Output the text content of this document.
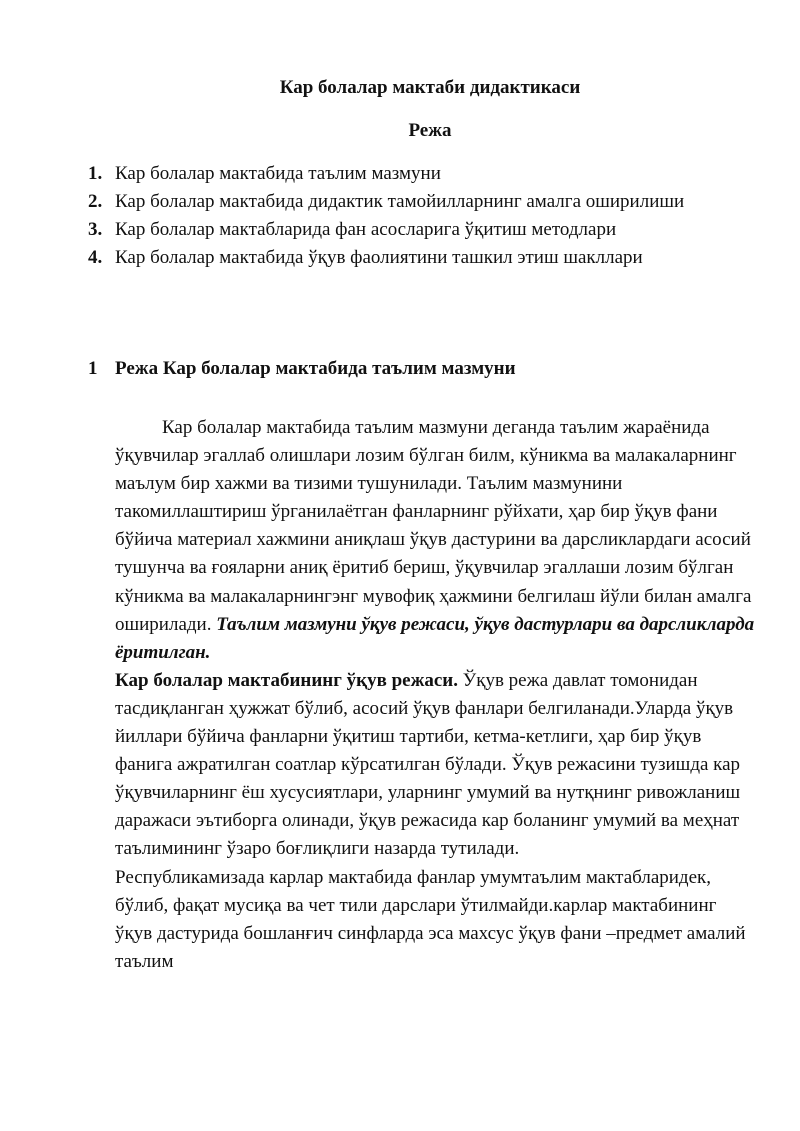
Кар болалар мактаби дидактикаси
Режа
1. Кар болалар мактабида таълим мазмуни
2. Кар болалар мактабида дидактик тамойилларнинг амалга оширилиши
3. Кар болалар мактабларида фан асосларига ўқитиш методлари
4. Кар болалар мактабида ўқув фаолиятини ташкил этиш шакллари
1 Режа Кар болалар мактабида таълим мазмуни

Кар болалар мактабида таълим мазмуни деганда таълим жараёнида ўқувчилар эгаллаб олишлари лозим бўлган билм, кўникма ва малакаларнинг маълум бир хажми ва тизими тушунилади. Таълим мазмунини такомиллаштириш ўрганилаётган фанларнинг рўйхати, ҳар бир ўқув фани бўйича материал хажмини аниқлаш ўқув дастурини ва дарсликлардаги асосий тушунча ва ғояларни аниқ ёритиб бериш, ўқувчилар эгаллаши лозим бўлган кўникма ва малакаларнингэнг мувофиқ ҳажмини белгилаш йўли билан амалга оширилади. Таълим мазмуни ўқув режаси, ўқув дастурлари ва дарсликларда ёритилган.

Кар болалар мактабининг ўқув режаси. Ўқув режа давлат томонидан тасдиқланган ҳужжат бўлиб, асосий ўқув фанлари белгиланади.Уларда ўқув йиллари бўйича фанларни ўқитиш тартиби, кетма-кетлиги, ҳар бир ўқув фанига ажратилган соатлар кўрсатилган бўлади. Ўқув режасини тузишда кар ўқувчиларнинг ёш хусусиятлари, уларнинг умумий ва нутқнинг ривожланиш даражаси эътиборга олинади, ўқув режасида кар боланинг умумий ва меҳнат таълимининг ўзаро боғлиқлиги назарда тутилади.

Республикамизада карлар мактабида фанлар умумтаълим мактабларидек, бўлиб, фақат мусиқа ва чет тили дарслари ўтилмайди.карлар мактабининг ўқув дастурида бошланғич синфларда эса махсус ўқув фани –предмет амалий таълим
